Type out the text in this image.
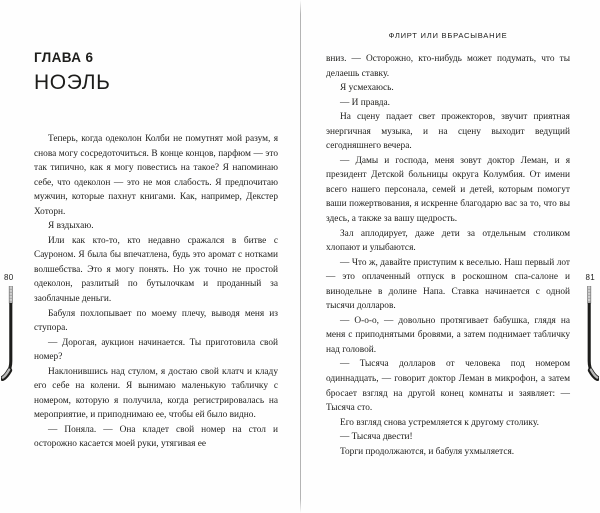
ГЛАВА 6

НОЭЛЬ

Теперь, когда одеколон Колби не помутнят мой разум, я снова могу сосредоточиться. В конце концов, парфюм — это так типично, как я могу повестись на такое? Я напоминаю себе, что одеколон — это не моя слабость. Я предпочитаю мужчин, которые пахнут книгами. Как, например, Декстер Хоторн.

Я вздыхаю.

Или как кто-то, кто недавно сражался в битве с Сауроном. Я была бы впечатлена, будь это аромат с нотками волшебства. Это я могу понять. Но уж точно не простой одеколон, разлитый по бутылочкам и проданный за заоблачные деньги.

Бабуля похлопывает по моему плечу, выводя меня из ступора.

— Дорогая, аукцион начинается. Ты приготовила свой номер?

Наклонившись над стулом, я достаю свой клатч и кладу его себе на колени. Я вынимаю маленькую табличку с номером, которую я получила, когда регистрировалась на мероприятие, и приподнимаю ее, чтобы ей было видно.

— Поняла. — Она кладет свой номер на стол и осторожно касается моей руки, утягивая ее

80
ФЛИРТ ИЛИ ВБРАСЫВАНИЕ

вниз. — Осторожно, кто-нибудь может подумать, что ты делаешь ставку.

Я усмехаюсь.

— И правда.

На сцену падает свет прожекторов, звучит приятная энергичная музыка, и на сцену выходит ведущий сегодняшнего вечера.

— Дамы и господа, меня зовут доктор Леман, и я президент Детской больницы округа Колумбия. От имени всего нашего персонала, семей и детей, которым помогут ваши пожертвования, я искренне благодарю вас за то, что вы здесь, а также за вашу щедрость.

Зал аплодирует, даже дети за отдельным столиком хлопают и улыбаются.

— Что ж, давайте приступим к веселью. Наш первый лот — это оплаченный отпуск в роскошном спа-салоне и винодельне в долине Напа. Ставка начинается с одной тысячи долларов.

— О-о-о, — довольно протягивает бабушка, глядя на меня с приподнятыми бровями, а затем поднимает табличку над головой.

— Тысяча долларов от человека под номером одиннадцать, — говорит доктор Леман в микрофон, а затем бросает взгляд на другой конец комнаты и заявляет: — Тысяча сто.

Его взгляд снова устремляется к другому столику.

— Тысяча двести!

Торги продолжаются, и бабуля ухмыляется.

81
